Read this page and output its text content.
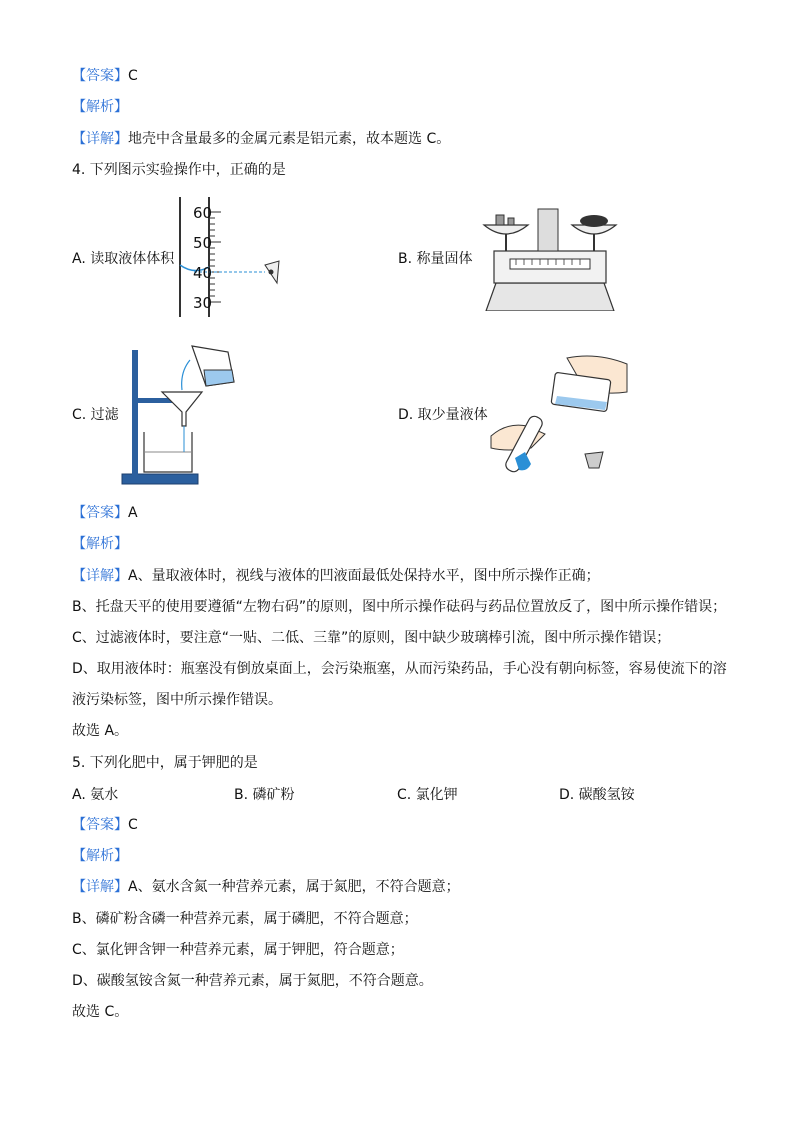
【答案】C
【解析】
【详解】地壳中含量最多的金属元素是铝元素，故本题选 C。
4. 下列图示实验操作中，正确的是
A. 读取液体体积	B. 称量固体
C. 过滤	D. 取少量液体
60
50
40
30
【答案】A
【解析】
【详解】A、量取液体时，视线与液体的凹液面最低处保持水平，图中所示操作正确；
B、托盘天平的使用要遵循“左物右码”的原则，图中所示操作砝码与药品位置放反了，图中所示操作错误；
C、过滤液体时，要注意“一贴、二低、三靠”的原则，图中缺少玻璃棒引流，图中所示操作错误；
D、取用液体时：瓶塞没有倒放桌面上，会污染瓶塞，从而污染药品，手心没有朝向标签，容易使流下的溶
液污染标签，图中所示操作错误。
故选 A。
5. 下列化肥中，属于钾肥的是
A. 氨水	B. 磷矿粉	C. 氯化钾	D. 碳酸氢铵
【答案】C
【解析】
【详解】A、氨水含氮一种营养元素，属于氮肥，不符合题意；
B、磷矿粉含磷一种营养元素，属于磷肥，不符合题意；
C、氯化钾含钾一种营养元素，属于钾肥，符合题意；
D、碳酸氢铵含氮一种营养元素，属于氮肥，不符合题意。
故选 C。
